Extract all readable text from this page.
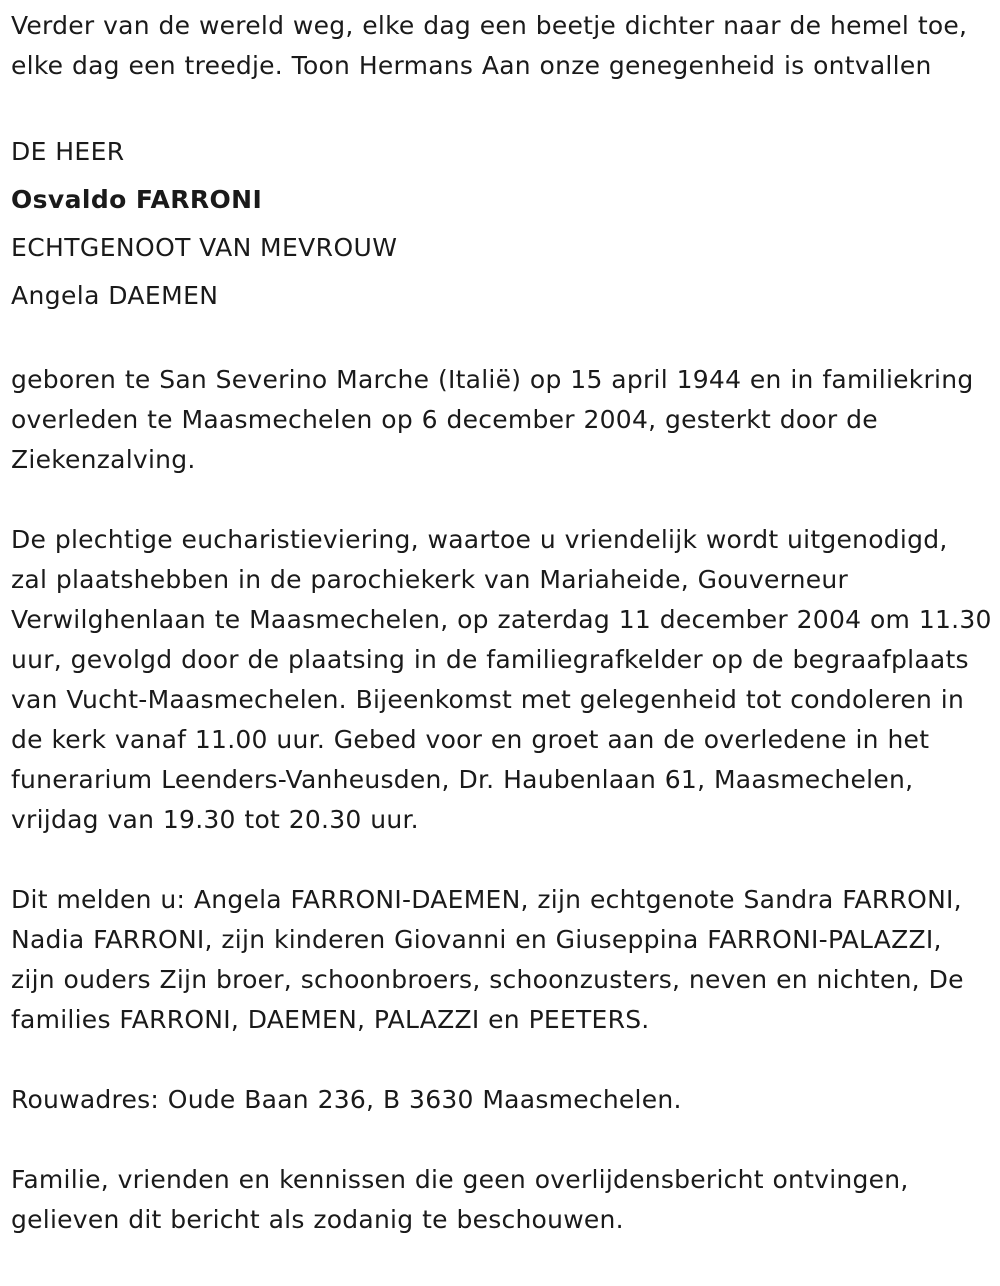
Verder van de wereld weg, elke dag een beetje dichter naar de hemel toe, elke dag een treedje. Toon Hermans Aan onze genegenheid is ontvallen

DE HEER

Osvaldo FARRONI

ECHTGENOOT VAN MEVROUW

Angela DAEMEN

geboren te San Severino Marche (Italië) op 15 april 1944 en in familiekring overleden te Maasmechelen op 6 december 2004, gesterkt door de Ziekenzalving.

De plechtige eucharistieviering, waartoe u vriendelijk wordt uitgenodigd, zal plaatshebben in de parochiekerk van Mariaheide, Gouverneur Verwilghenlaan te Maasmechelen, op zaterdag 11 december 2004 om 11.30 uur, gevolgd door de plaatsing in de familiegrafkelder op de begraafplaats van Vucht-Maasmechelen. Bijeenkomst met gelegenheid tot condoleren in de kerk vanaf 11.00 uur. Gebed voor en groet aan de overledene in het funerarium Leenders-Vanheusden, Dr. Haubenlaan 61, Maasmechelen, vrijdag van 19.30 tot 20.30 uur.

Dit melden u: Angela FARRONI-DAEMEN, zijn echtgenote Sandra FARRONI, Nadia FARRONI, zijn kinderen Giovanni en Giuseppina FARRONI-PALAZZI, zijn ouders Zijn broer, schoonbroers, schoonzusters, neven en nichten, De families FARRONI, DAEMEN, PALAZZI en PEETERS.

Rouwadres: Oude Baan 236, B 3630 Maasmechelen.

Familie, vrienden en kennissen die geen overlijdensbericht ontvingen, gelieven dit bericht als zodanig te beschouwen.
